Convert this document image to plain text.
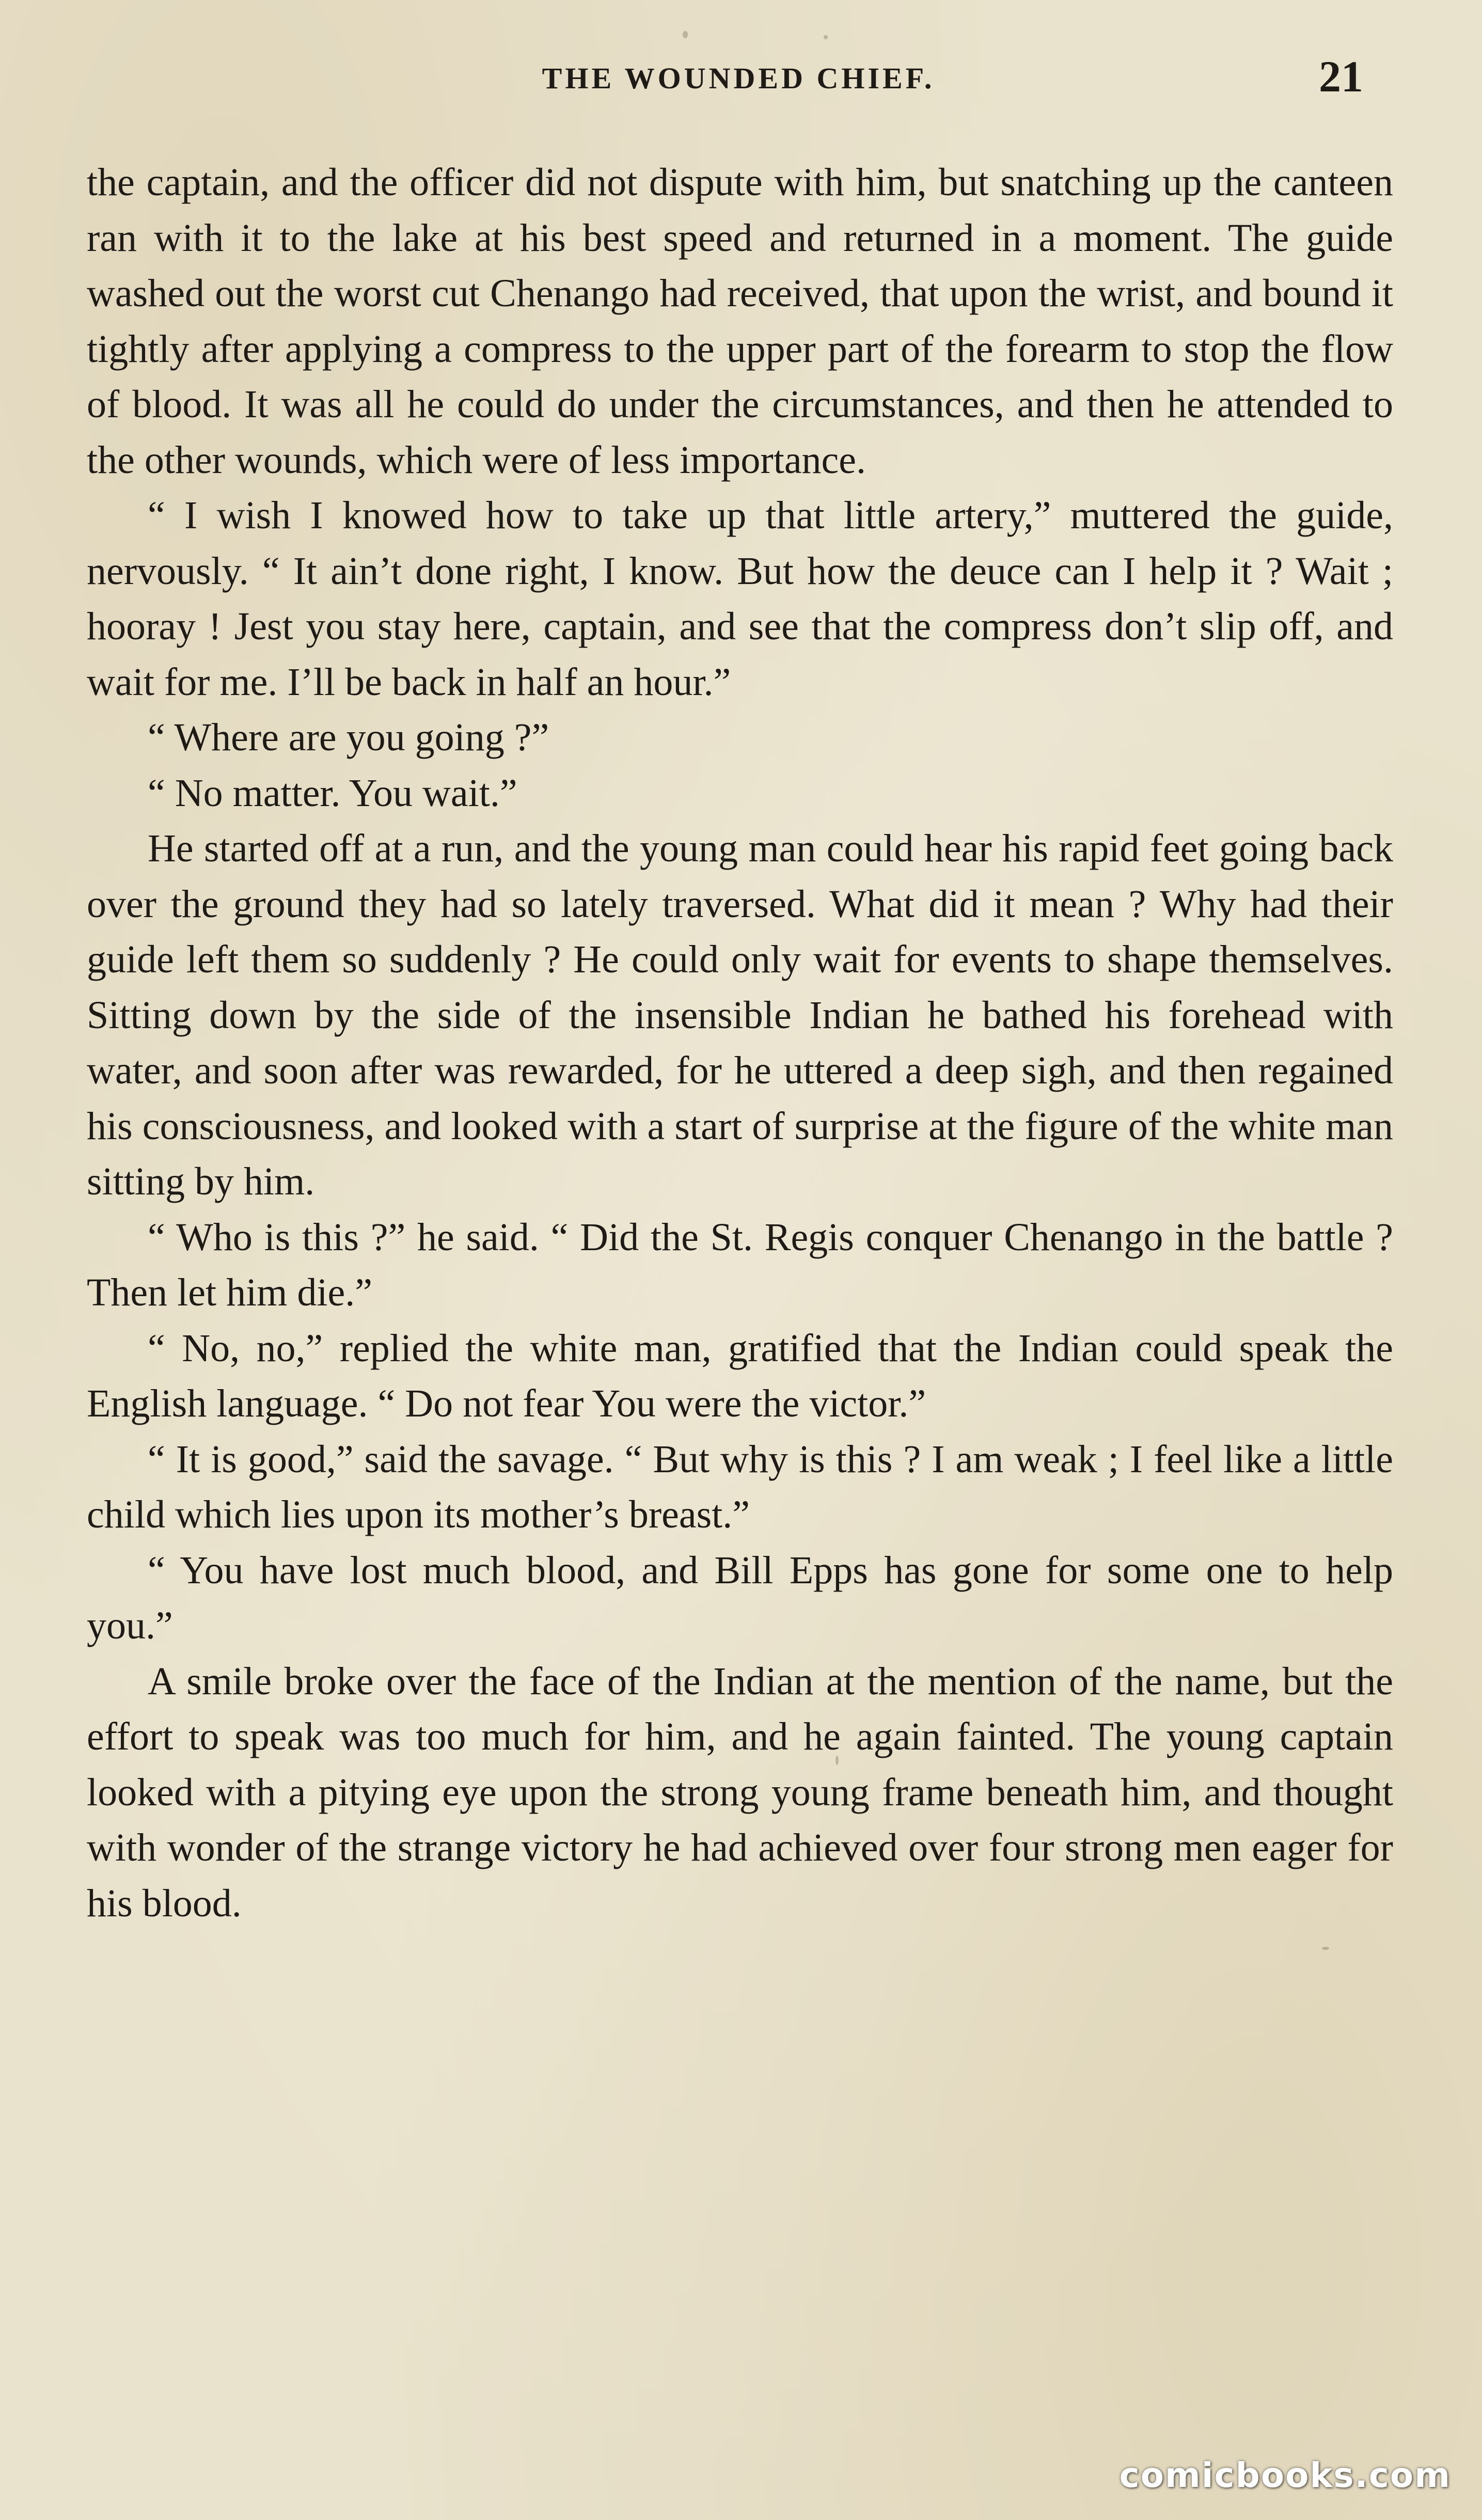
THE WOUNDED CHIEF.	21

the captain, and the officer did not dispute with him, but snatching up the canteen ran with it to the lake at his best speed and returned in a moment. The guide washed out the worst cut Chenango had received, that upon the wrist, and bound it tightly after applying a compress to the upper part of the forearm to stop the flow of blood. It was all he could do under the circumstances, and then he attended to the other wounds, which were of less importance.

“ I wish I knowed how to take up that little artery,” muttered the guide, nervously. “ It ain’t done right, I know. But how the deuce can I help it ? Wait ; hooray ! Jest you stay here, captain, and see that the compress don’t slip off, and wait for me. I’ll be back in half an hour.”

“ Where are you going ?”

“ No matter. You wait.”

He started off at a run, and the young man could hear his rapid feet going back over the ground they had so lately traversed. What did it mean ? Why had their guide left them so suddenly ? He could only wait for events to shape themselves. Sitting down by the side of the insensible Indian he bathed his forehead with water, and soon after was rewarded, for he uttered a deep sigh, and then regained his consciousness, and looked with a start of surprise at the figure of the white man sitting by him.

“ Who is this ?” he said. “ Did the St. Regis conquer Chenango in the battle ? Then let him die.”

“ No, no,” replied the white man, gratified that the Indian could speak the English language. “ Do not fear You were the victor.”

“ It is good,” said the savage. “ But why is this ? I am weak ; I feel like a little child which lies upon its mother’s breast.”

“ You have lost much blood, and Bill Epps has gone for some one to help you.”

A smile broke over the face of the Indian at the mention of the name, but the effort to speak was too much for him, and he again fainted. The young captain looked with a pitying eye upon the strong young frame beneath him, and thought with wonder of the strange victory he had achieved over four strong men eager for his blood.

comicbooks.com
